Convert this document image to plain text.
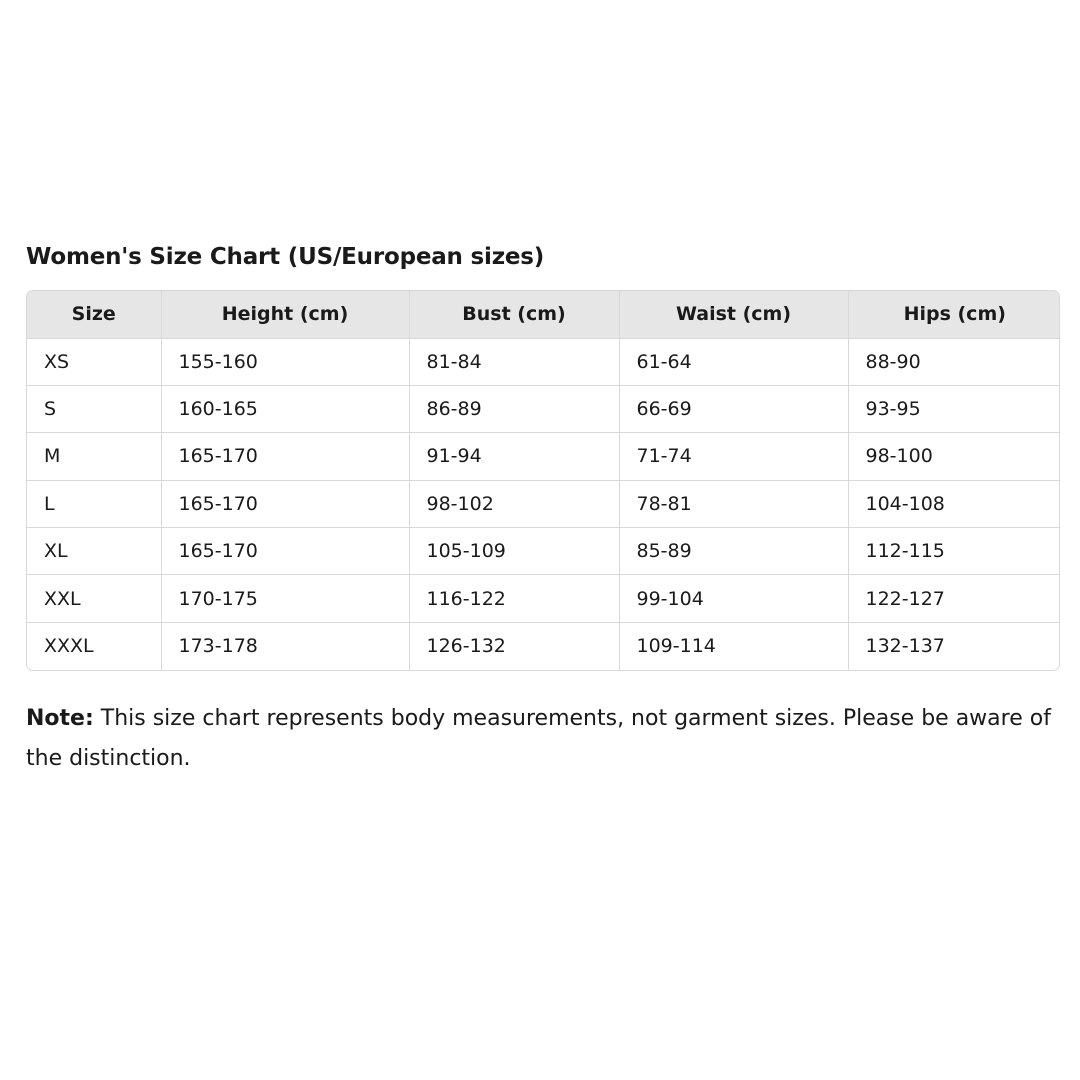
Women's Size Chart (US/European sizes)
Size	Height (cm)	Bust (cm)	Waist (cm)	Hips (cm)
XS	155-160	81-84	61-64	88-90
S	160-165	86-89	66-69	93-95
M	165-170	91-94	71-74	98-100
L	165-170	98-102	78-81	104-108
XL	165-170	105-109	85-89	112-115
XXL	170-175	116-122	99-104	122-127
XXXL	173-178	126-132	109-114	132-137

Note: This size chart represents body measurements, not garment sizes. Please be aware of the distinction.
